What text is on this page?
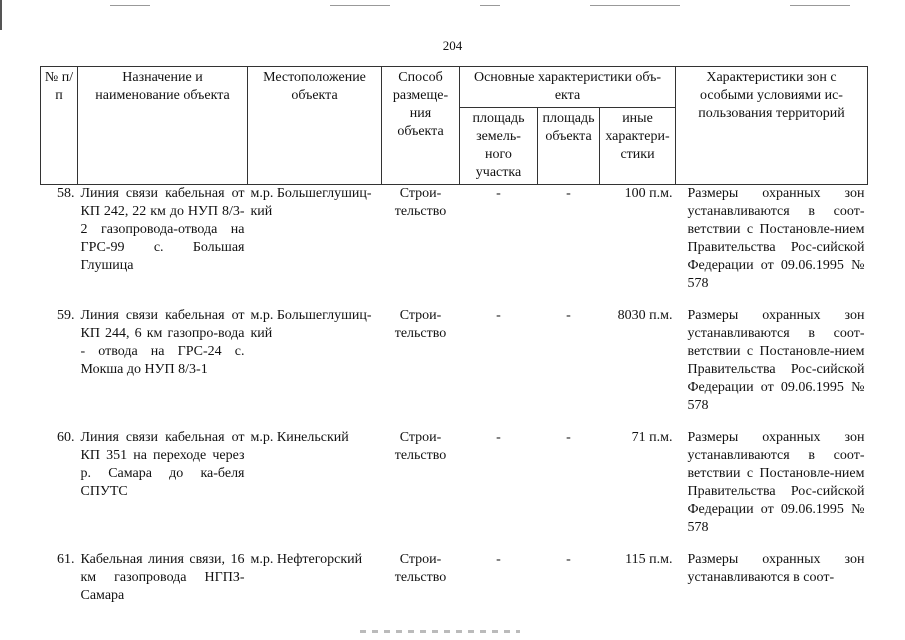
204
№ п/п	Назначение и наименование объекта	Местоположение объекта	Способ размеще-ния объекта	Основные характеристики объ-екта			Характеристики зон с особыми условиями ис-пользования территорий
				площадь земель-ного участка	площадь объекта	иные характери-стики	
58.	Линия связи кабельная от КП 242, 22 км до НУП 8/3-2 газопровода-отвода на ГРС-99 с. Большая Глушица	м.р. Большеглушиц-кий	Строи-тельство	-	-	100 п.м.	Размеры охранных зон устанавливаются в соот-ветствии с Постановле-нием Правительства Рос-сийской Федерации от 09.06.1995 № 578
59.	Линия связи кабельная от КП 244, 6 км газопро-вода - отвода на ГРС-24 с. Мокша до НУП 8/3-1	м.р. Большеглушиц-кий	Строи-тельство	-	-	8030 п.м.	Размеры охранных зон устанавливаются в соот-ветствии с Постановле-нием Правительства Рос-сийской Федерации от 09.06.1995 № 578
60.	Линия связи кабельная от КП 351 на переходе через р. Самара до ка-беля СПУТС	м.р. Кинельский	Строи-тельство	-	-	71 п.м.	Размеры охранных зон устанавливаются в соот-ветствии с Постановле-нием Правительства Рос-сийской Федерации от 09.06.1995 № 578
61.	Кабельная линия связи, 16 км газопровода НГПЗ-Самара	м.р. Нефтегорский	Строи-тельство	-	-	115 п.м.	Размеры охранных зон устанавливаются в соот-
